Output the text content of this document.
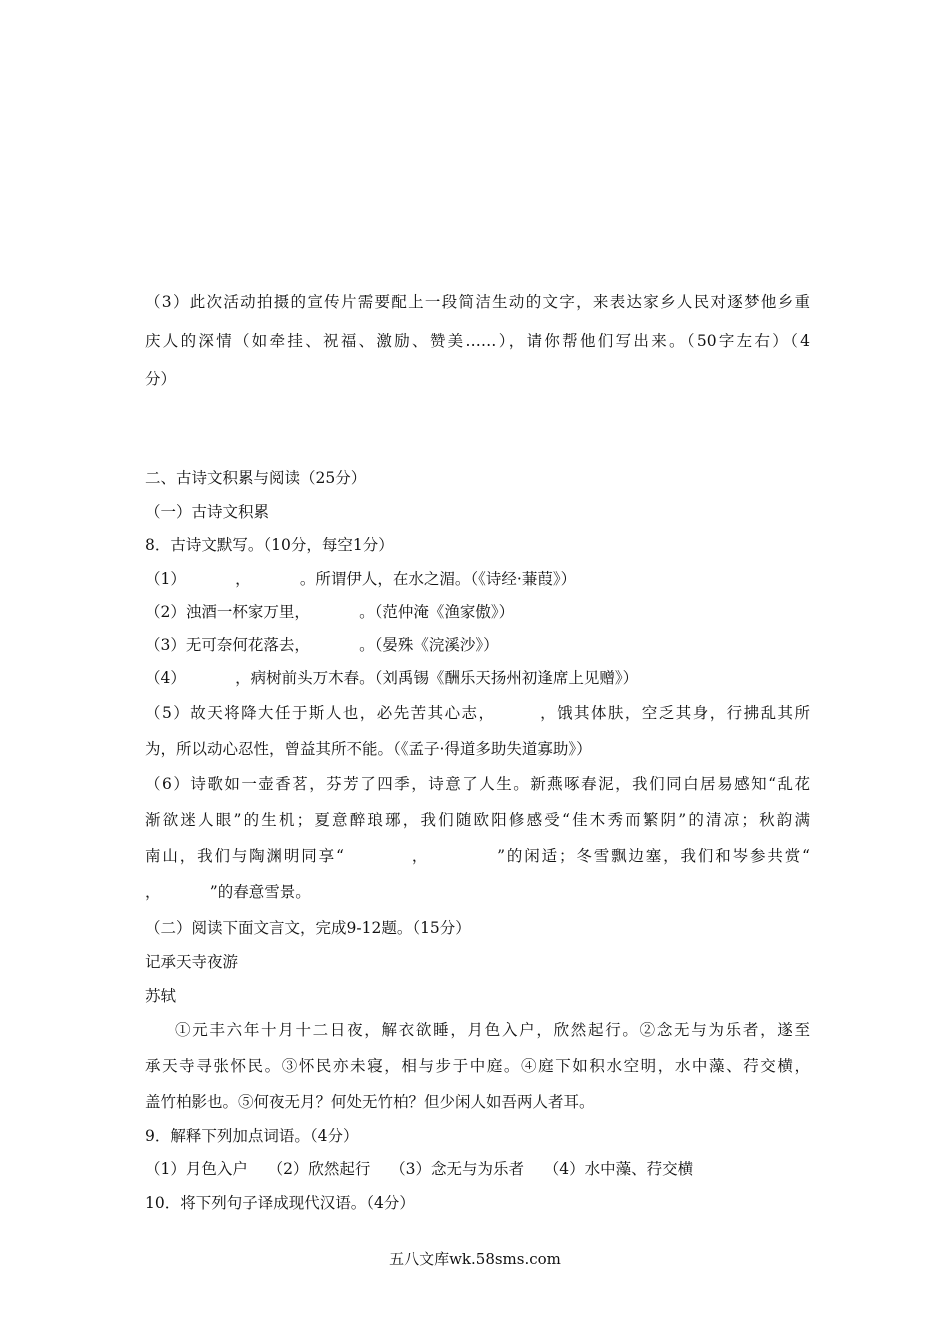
（3）此次活动拍摄的宣传片需要配上一段简洁生动的文字，来表达家乡人民对逐梦他乡重
庆人的深情（如牵挂、祝福、激励、赞美……），请你帮他们写出来。（50字左右）（4
分）
二、古诗文积累与阅读（25分）
（一）古诗文积累
8．古诗文默写。（10分，每空1分）
（1）          ，          。所谓伊人，在水之湄。（《诗经·蒹葭》）
（2）浊酒一杯家万里，          。（范仲淹《渔家傲》）
（3）无可奈何花落去，          。（晏殊《浣溪沙》）
（4）          ，病树前头万木春。（刘禹锡《酬乐天扬州初逢席上见赠》）
（5）故天将降大任于斯人也，必先苦其心志，       ，饿其体肤，空乏其身，行拂乱其所
为，所以动心忍性，曾益其所不能。（《孟子·得道多助失道寡助》）
（6）诗歌如一壶香茗，芬芳了四季，诗意了人生。新燕啄春泥，我们同白居易感知“乱花
渐欲迷人眼”的生机；夏意醉琅琊，我们随欧阳修感受“佳木秀而繁阴”的清凉；秋韵满
南山，我们与陶渊明同享“          ，          ”的闲适；冬雪飘边塞，我们和岑参共赏“
，          ”的春意雪景。
（二）阅读下面文言文，完成9-12题。（15分）
记承天寺夜游
苏轼
①元丰六年十月十二日夜，解衣欲睡，月色入户，欣然起行。②念无与为乐者，遂至
承天寺寻张怀民。③怀民亦未寝，相与步于中庭。④庭下如积水空明，水中藻、荇交横，
盖竹柏影也。⑤何夜无月？何处无竹柏？但少闲人如吾两人者耳。
9．解释下列加点词语。（4分）
（1）月色入户    （2）欣然起行    （3）念无与为乐者    （4）水中藻、荇交横
10．将下列句子译成现代汉语。（4分）
五八文库wk.58sms.com
